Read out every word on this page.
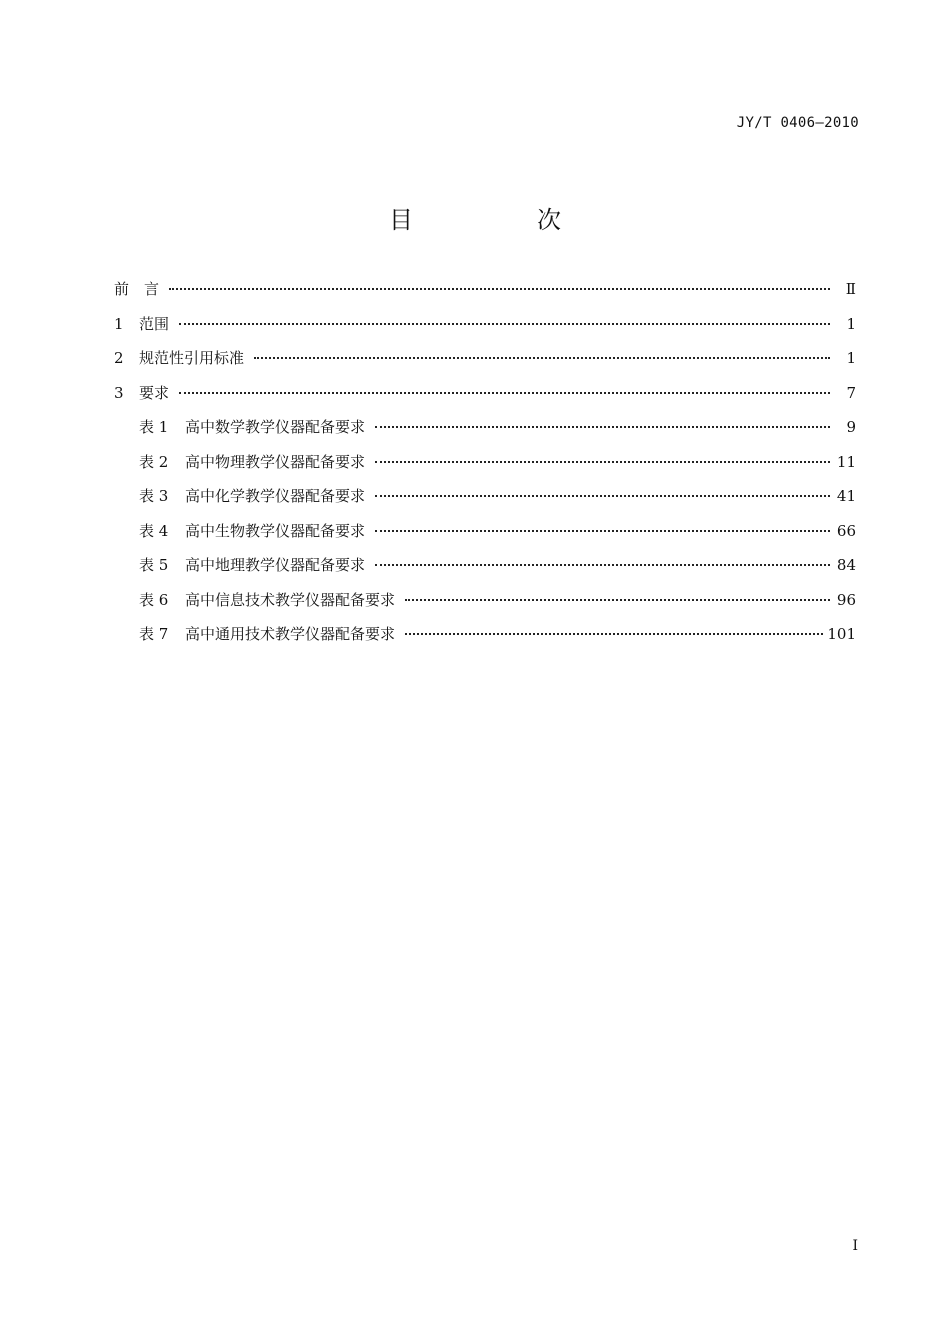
JY/T 0406—2010
目　次
前　言	Ⅱ
1	范围	1
2	规范性引用标准	1
3	要求	7
表 1	高中数学教学仪器配备要求	9
表 2	高中物理教学仪器配备要求	11
表 3	高中化学教学仪器配备要求	41
表 4	高中生物教学仪器配备要求	66
表 5	高中地理教学仪器配备要求	84
表 6	高中信息技术教学仪器配备要求	96
表 7	高中通用技术教学仪器配备要求	101
I
